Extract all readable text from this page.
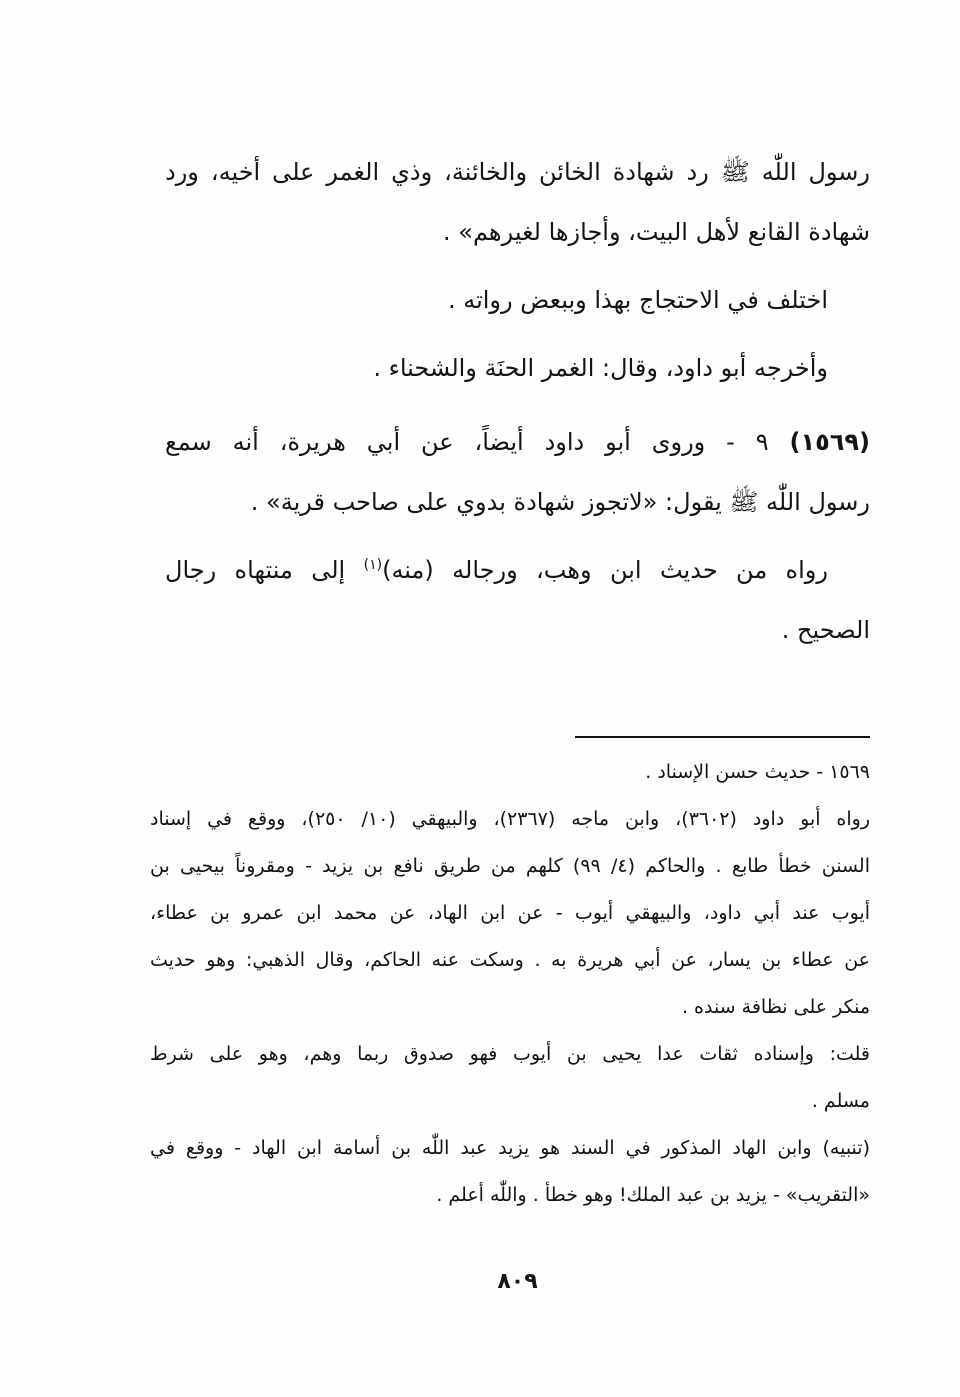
رسول اللّٰه ﷺ رد شهادة الخائن والخائنة، وذي الغمر على أخيه، ورد
شهادة القانع لأهل البيت، وأجازها لغيرهم» .
اختلف في الاحتجاج بهذا وببعض رواته .
وأخرجه أبو داود، وقال: الغمر الحنَة والشحناء .
(١٥٦٩) ٩ - وروى أبو داود أيضاً، عن أبي هريرة، أنه سمع
رسول اللّٰه ﷺ يقول: «لاتجوز شهادة بدوي على صاحب قرية» .
رواه من حديث ابن وهب، ورجاله (منه)$^{(١)}$ إلى منتهاه رجال
الصحيح .
١٥٦٩ - حديث حسن الإسناد .
رواه أبو داود (٣٦٠٢)، وابن ماجه (٢٣٦٧)، والبيهقي (١٠/ ٢٥٠)، ووقع في إسناد
السنن خطأ طابع . والحاكم (٤/ ٩٩) كلهم من طريق نافع بن يزيد - ومقروناً بيحيى بن
أيوب عند أبي داود، والبيهقي أيوب - عن ابن الهاد، عن محمد ابن عمرو بن عطاء،
عن عطاء بن يسار، عن أبي هريرة به . وسكت عنه الحاكم، وقال الذهبي: وهو حديث
منكر على نظافة سنده .
قلت: وإسناده ثقات عدا يحيى بن أيوب فهو صدوق ربما وهم، وهو على شرط
مسلم .
(تنبيه) وابن الهاد المذكور في السند هو يزيد عبد اللّٰه بن أسامة ابن الهاد - ووقع في
«التقريب» - يزيد بن عبد الملك! وهو خطأ . واللّٰه أعلم .
٨٠٩
